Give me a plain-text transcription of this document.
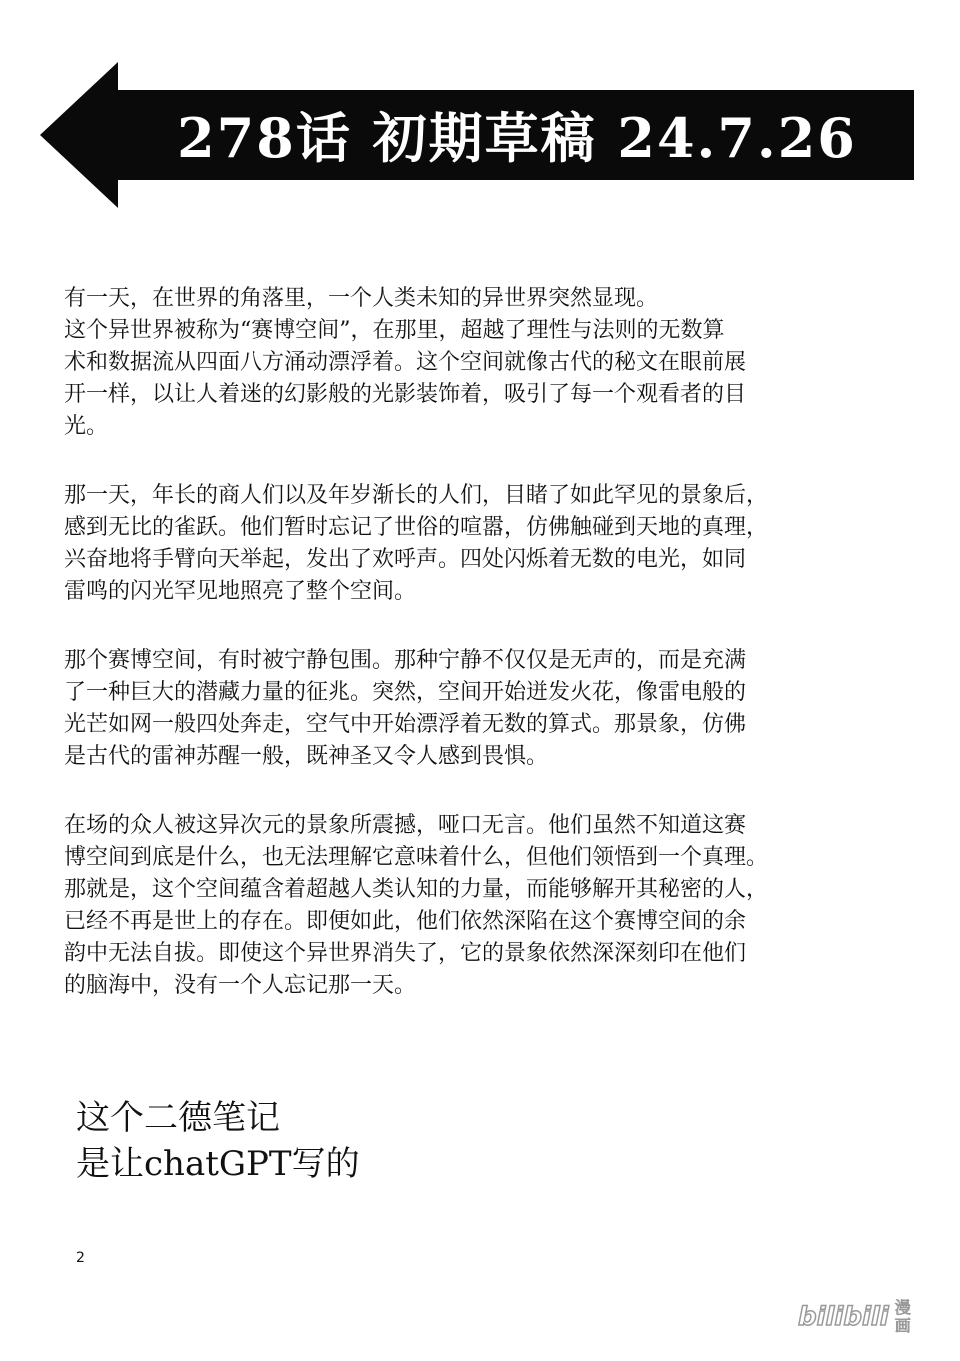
278话 初期草稿 24.7.26

有一天，在世界的角落里，一个人类未知的异世界突然显现。
这个异世界被称为“赛博空间”，在那里，超越了理性与法则的无数算
术和数据流从四面八方涌动漂浮着。这个空间就像古代的秘文在眼前展
开一样，以让人着迷的幻影般的光影装饰着，吸引了每一个观看者的目
光。

那一天，年长的商人们以及年岁渐长的人们，目睹了如此罕见的景象后，
感到无比的雀跃。他们暂时忘记了世俗的喧嚣，仿佛触碰到天地的真理，
兴奋地将手臂向天举起，发出了欢呼声。四处闪烁着无数的电光，如同
雷鸣的闪光罕见地照亮了整个空间。

那个赛博空间，有时被宁静包围。那种宁静不仅仅是无声的，而是充满
了一种巨大的潜藏力量的征兆。突然，空间开始迸发火花，像雷电般的
光芒如网一般四处奔走，空气中开始漂浮着无数的算式。那景象，仿佛
是古代的雷神苏醒一般，既神圣又令人感到畏惧。

在场的众人被这异次元的景象所震撼，哑口无言。他们虽然不知道这赛
博空间到底是什么，也无法理解它意味着什么，但他们领悟到一个真理。
那就是，这个空间蕴含着超越人类认知的力量，而能够解开其秘密的人，
已经不再是世上的存在。即便如此，他们依然深陷在这个赛博空间的余
韵中无法自拔。即使这个异世界消失了，它的景象依然深深刻印在他们
的脑海中，没有一个人忘记那一天。

这个二德笔记
是让chatGPT写的
2
bilibili 漫
画
